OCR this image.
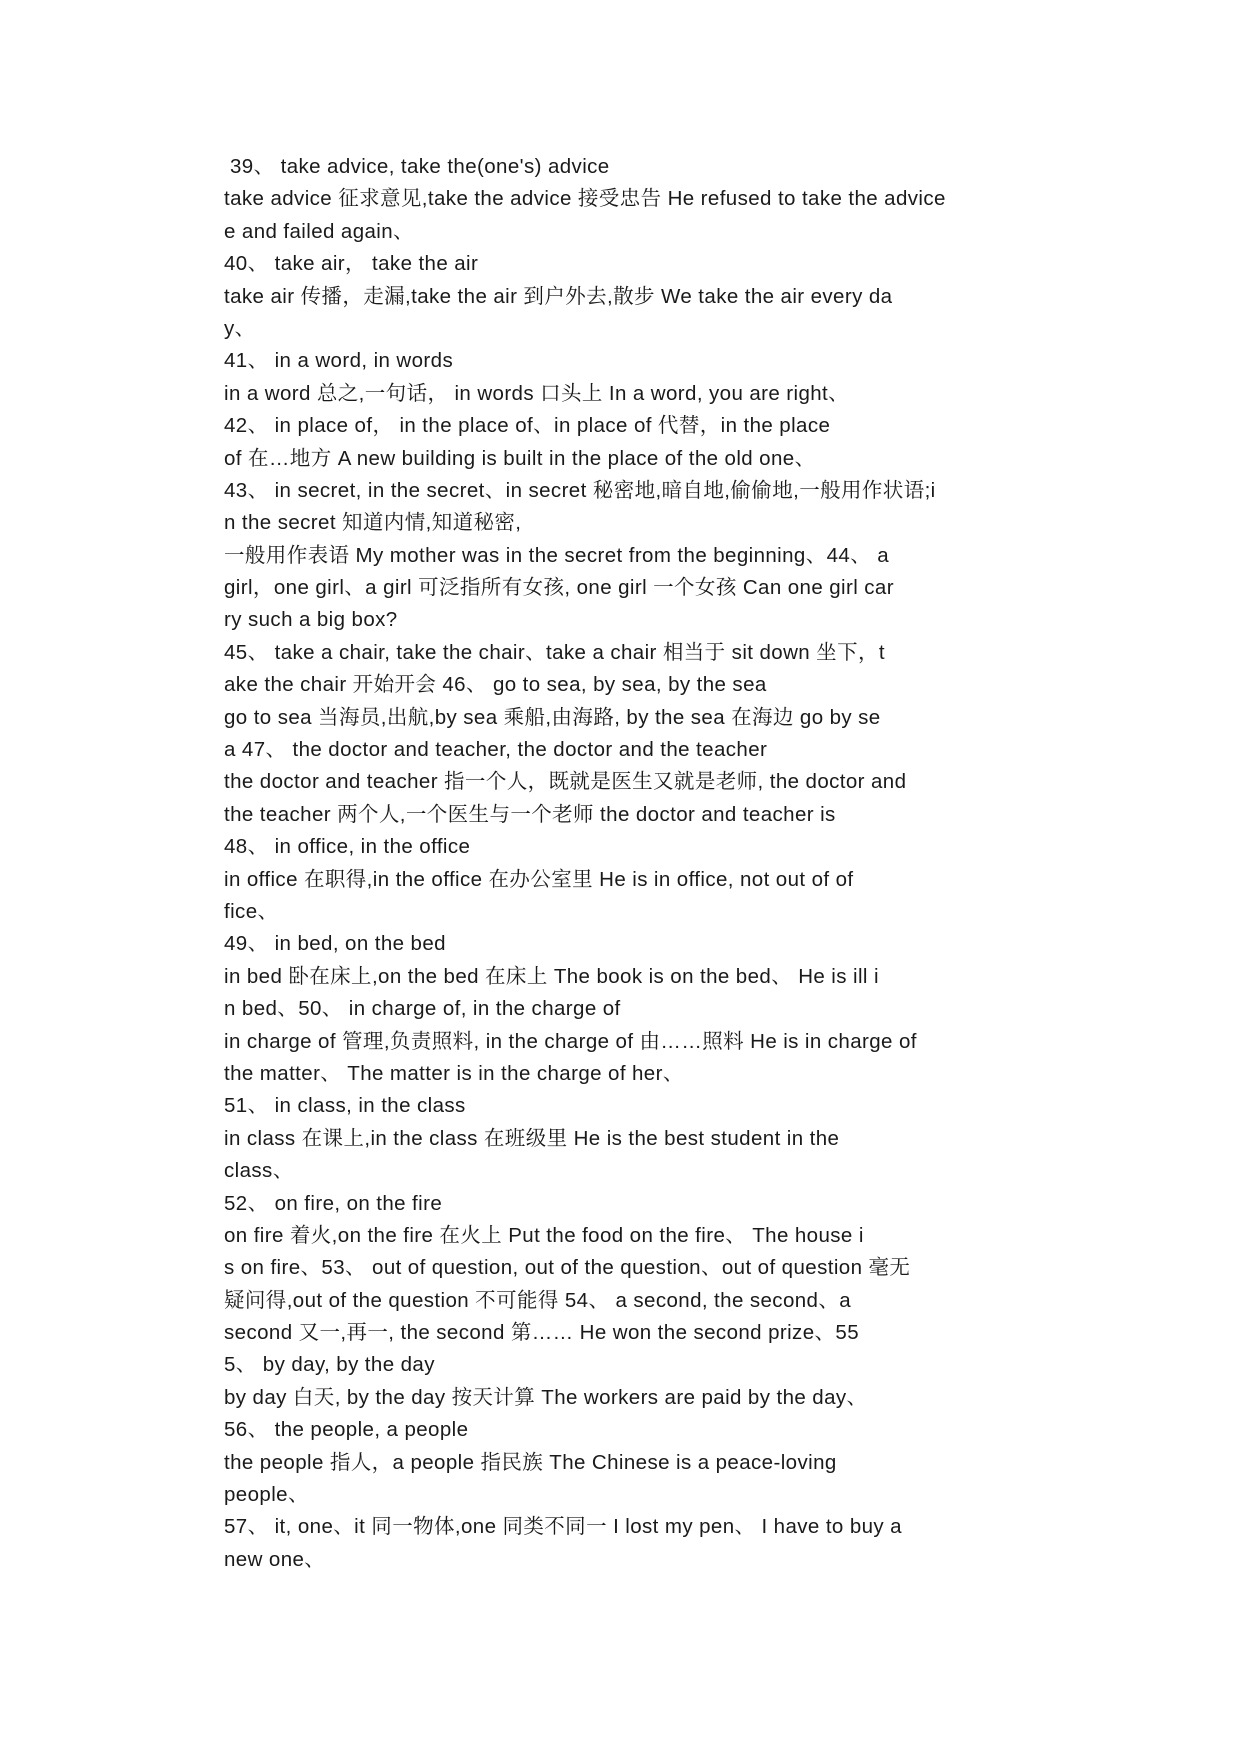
39、 take advice, take the(one's) advice
take advice 征求意见,take the advice 接受忠告 He refused to take the advice
e and failed again、
40、 take air， take the air
take air 传播，走漏,take the air 到户外去,散步 We take the air every da
y、
41、 in a word, in words
in a word 总之,一句话， in words 口头上 In a word, you are right、
42、 in place of， in the place of、in place of 代替，in the place
of 在…地方 A new building is built in the place of the old one、
43、 in secret, in the secret、in secret 秘密地,暗自地,偷偷地,一般用作状语;i
n the secret 知道内情,知道秘密,
一般用作表语 My mother was in the secret from the beginning、44、 a
girl，one girl、a girl 可泛指所有女孩, one girl 一个女孩 Can one girl car
ry such a big box?
45、 take a chair, take the chair、take a chair 相当于 sit down 坐下，t
ake the chair 开始开会 46、 go to sea, by sea, by the sea
go to sea 当海员,出航,by sea 乘船,由海路, by the sea 在海边 go by se
a 47、 the doctor and teacher, the doctor and the teacher
the doctor and teacher 指一个人，既就是医生又就是老师, the doctor and
the teacher 两个人,一个医生与一个老师 the doctor and teacher is
48、 in office, in the office
in office 在职得,in the office 在办公室里 He is in office, not out of of
fice、
49、 in bed, on the bed
in bed 卧在床上,on the bed 在床上 The book is on the bed、 He is ill i
n bed、50、 in charge of, in the charge of
in charge of 管理,负责照料, in the charge of 由……照料 He is in charge of
the matter、 The matter is in the charge of her、
51、 in class, in the class
in class 在课上,in the class 在班级里 He is the best student in the
class、
52、 on fire, on the fire
on fire 着火,on the fire 在火上 Put the food on the fire、 The house i
s on fire、53、 out of question, out of the question、out of question 毫无
疑问得,out of the question 不可能得 54、 a second, the second、a
second 又一,再一, the second 第…… He won the second prize、55
5、 by day, by the day
by day 白天, by the day 按天计算 The workers are paid by the day、
56、 the people, a people
the people 指人，a people 指民族 The Chinese is a peace-loving
people、
57、 it, one、it 同一物体,one 同类不同一 I lost my pen、 I have to buy a
new one、
